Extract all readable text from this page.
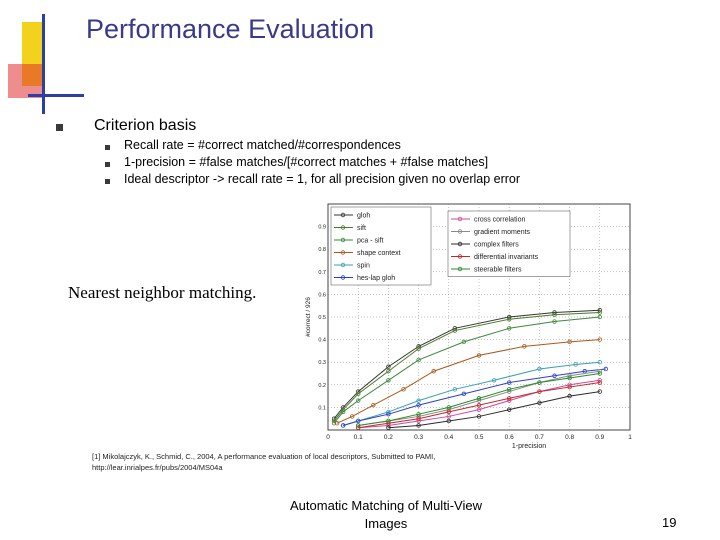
Performance Evaluation
Criterion basis
Recall rate = #correct matched/#correspondences
1-precision = #false matches/[#correct matches + #false matches]
Ideal descriptor -> recall rate = 1, for all precision given no overlap error
Nearest neighbor matching.
0	0.1	0.2	0.3	0.4	0.5	0.6	0.7	0.8	0.9	1
0.1
0.2
0.3
0.4
0.5
0.6
0.7
0.8
0.9
1-precision
#correct / 926
gloh
sift
pca - sift
shape context
spin
hes-lap gloh
cross correlation
gradient moments
complex filters
differential invariants
steerable filters
[1] Mikolajczyk, K., Schmid, C., 2004, A performance evaluation of local descriptors, Submitted to PAMI,
http://lear.inrialpes.fr/pubs/2004/MS04a
Automatic Matching of Multi-View
Images	19
